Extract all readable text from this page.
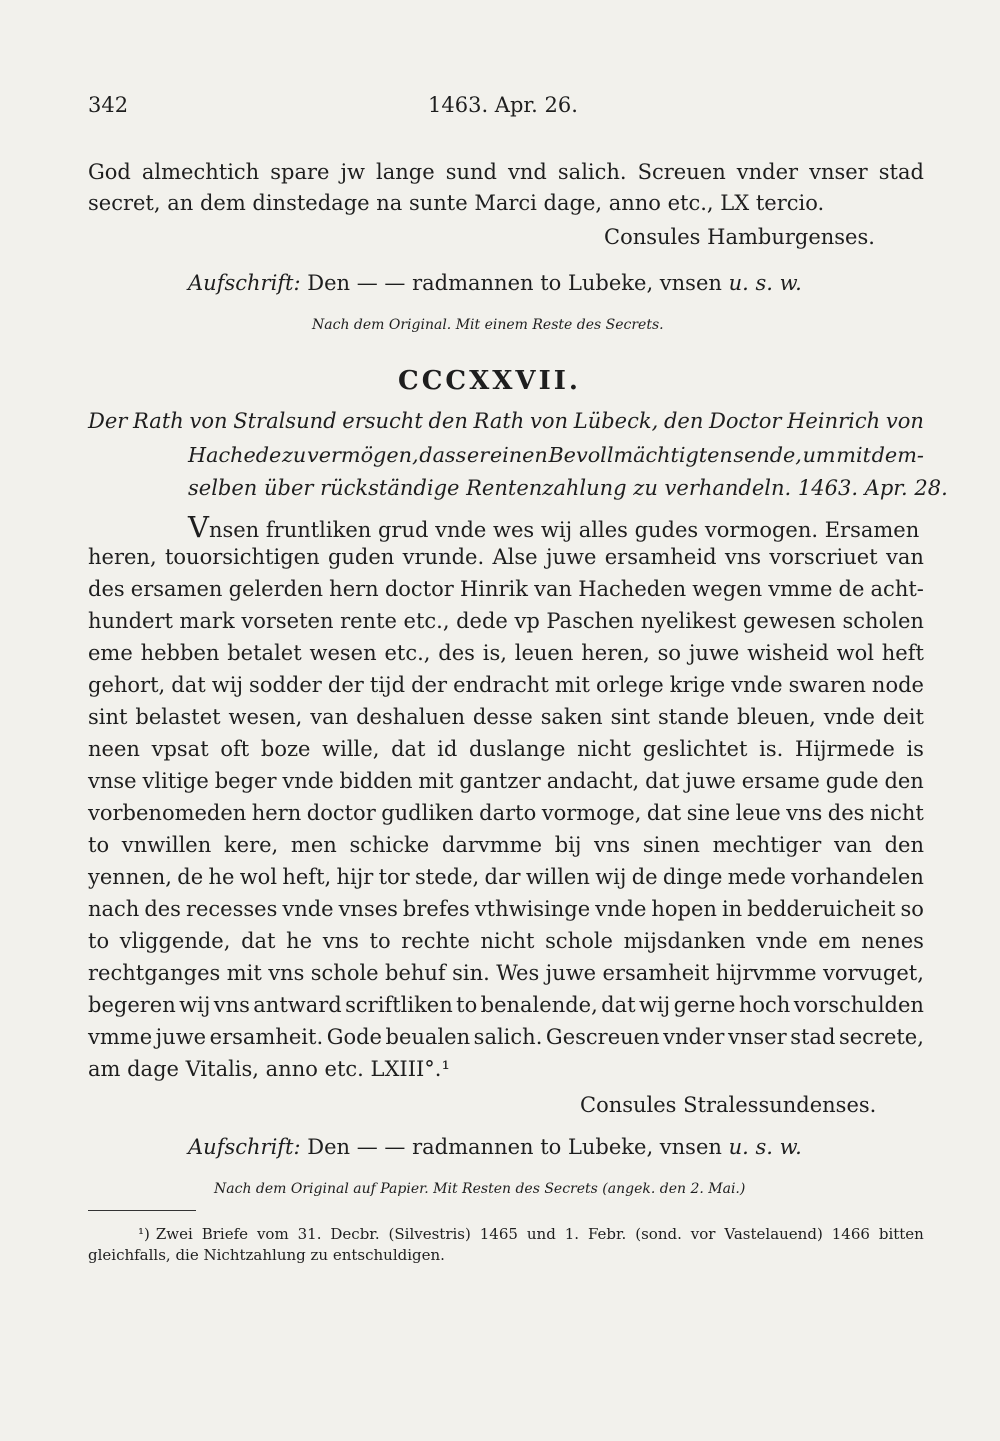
342	1463. Apr. 26.
God almechtich spare jw lange sund vnd salich. Screuen vnder vnser stad
secret, an dem dinstedage na sunte Marci dage, anno etc., LX tercio.
Consules Hamburgenses.
Aufschrift: Den — — radmannen to Lubeke, vnsen u. s. w.
Nach dem Original. Mit einem Reste des Secrets.
CCCXXVII.
Der Rath von Stralsund ersucht den Rath von Lübeck, den Doctor Heinrich von
Hachede zu vermögen, dass er einen Bevollmächtigten sende, um mit dem-
selben über rückständige Rentenzahlung zu verhandeln. 1463. Apr. 28.
Vnsen fruntliken grud vnde wes wij alles gudes vormogen. Ersamen
heren, touorsichtigen guden vrunde. Alse juwe ersamheid vns vorscriuet van
des ersamen gelerden hern doctor Hinrik van Hacheden wegen vmme de acht-
hundert mark vorseten rente etc., dede vp Paschen nyelikest gewesen scholen
eme hebben betalet wesen etc., des is, leuen heren, so juwe wisheid wol heft
gehort, dat wij sodder der tijd der endracht mit orlege krige vnde swaren node
sint belastet wesen, van deshaluen desse saken sint stande bleuen, vnde deit
neen vpsat oft boze wille, dat id duslange nicht geslichtet is. Hijrmede is
vnse vlitige beger vnde bidden mit gantzer andacht, dat juwe ersame gude den
vorbenomeden hern doctor gudliken darto vormoge, dat sine leue vns des nicht
to vnwillen kere, men schicke darvmme bij vns sinen mechtiger van den
yennen, de he wol heft, hijr tor stede, dar willen wij de dinge mede vorhandelen
nach des recesses vnde vnses brefes vthwisinge vnde hopen in bedderuicheit so
to vliggende, dat he vns to rechte nicht schole mijsdanken vnde em nenes
rechtganges mit vns schole behuf sin. Wes juwe ersamheit hijrvmme vorvuget,
begeren wij vns antward scriftliken to benalende, dat wij gerne hoch vorschulden
vmme juwe ersamheit. Gode beualen salich. Gescreuen vnder vnser stad secrete,
am dage Vitalis, anno etc. LXIII°.¹
Consules Stralessundenses.
Aufschrift: Den — — radmannen to Lubeke, vnsen u. s. w.
Nach dem Original auf Papier. Mit Resten des Secrets (angek. den 2. Mai.)
¹) Zwei Briefe vom 31. Decbr. (Silvestris) 1465 und 1. Febr. (sond. vor Vastelauend) 1466 bitten
gleichfalls, die Nichtzahlung zu entschuldigen.
